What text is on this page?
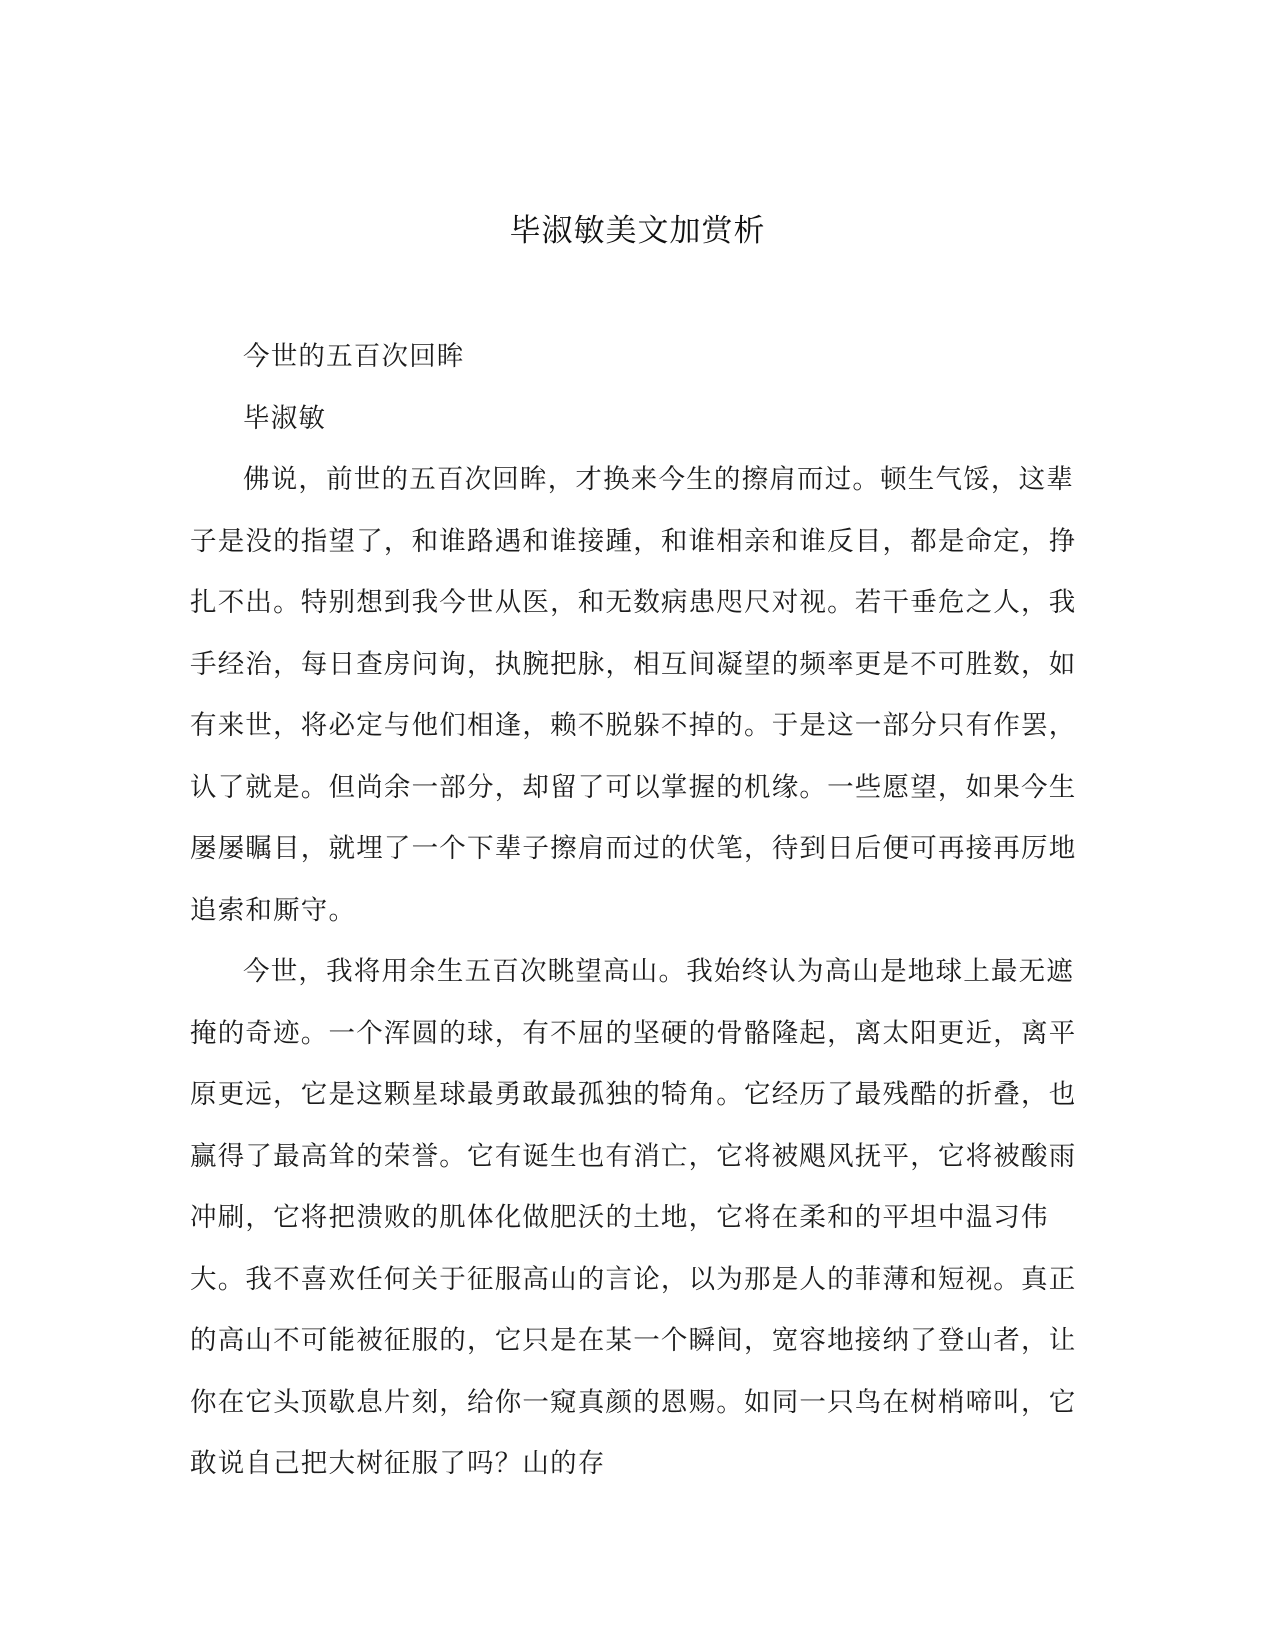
毕淑敏美文加赏析

今世的五百次回眸

毕淑敏

佛说，前世的五百次回眸，才换来今生的擦肩而过。顿生气馁，这辈子是没的指望了，和谁路遇和谁接踵，和谁相亲和谁反目，都是命定，挣扎不出。特别想到我今世从医，和无数病患咫尺对视。若干垂危之人，我手经治，每日查房问询，执腕把脉，相互间凝望的频率更是不可胜数，如有来世，将必定与他们相逢，赖不脱躲不掉的。于是这一部分只有作罢，认了就是。但尚余一部分，却留了可以掌握的机缘。一些愿望，如果今生屡屡瞩目，就埋了一个下辈子擦肩而过的伏笔，待到日后便可再接再厉地追索和厮守。

今世，我将用余生五百次眺望高山。我始终认为高山是地球上最无遮掩的奇迹。一个浑圆的球，有不屈的坚硬的骨骼隆起，离太阳更近，离平原更远，它是这颗星球最勇敢最孤独的犄角。它经历了最残酷的折叠，也赢得了最高耸的荣誉。它有诞生也有消亡，它将被飓风抚平，它将被酸雨冲刷，它将把溃败的肌体化做肥沃的土地，它将在柔和的平坦中温习伟大。我不喜欢任何关于征服高山的言论，以为那是人的菲薄和短视。真正的高山不可能被征服的，它只是在某一个瞬间，宽容地接纳了登山者，让你在它头顶歇息片刻，给你一窥真颜的恩赐。如同一只鸟在树梢啼叫，它敢说自己把大树征服了吗？山的存
